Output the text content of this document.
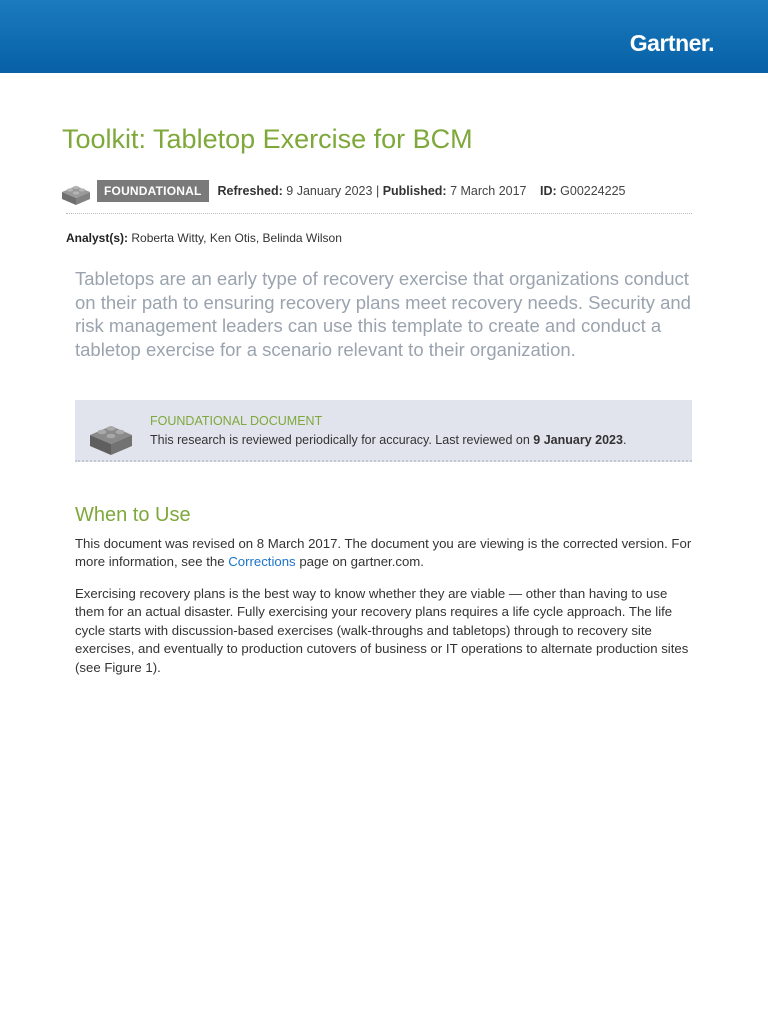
Gartner.
Toolkit: Tabletop Exercise for BCM
FOUNDATIONAL	Refreshed: 9 January 2023 | Published: 7 March 2017 ID: G00224225
Analyst(s): Roberta Witty, Ken Otis, Belinda Wilson

Tabletops are an early type of recovery exercise that organizations conduct on their path to ensuring recovery plans meet recovery needs. Security and risk management leaders can use this template to create and conduct a tabletop exercise for a scenario relevant to their organization.

FOUNDATIONAL DOCUMENT
This research is reviewed periodically for accuracy. Last reviewed on 9 January 2023.
When to Use

This document was revised on 8 March 2017. The document you are viewing is the corrected version. For more information, see the Corrections page on gartner.com.

Exercising recovery plans is the best way to know whether they are viable — other than having to use them for an actual disaster. Fully exercising your recovery plans requires a life cycle approach. The life cycle starts with discussion-based exercises (walk-throughs and tabletops) through to recovery site exercises, and eventually to production cutovers of business or IT operations to alternate production sites (see Figure 1).
